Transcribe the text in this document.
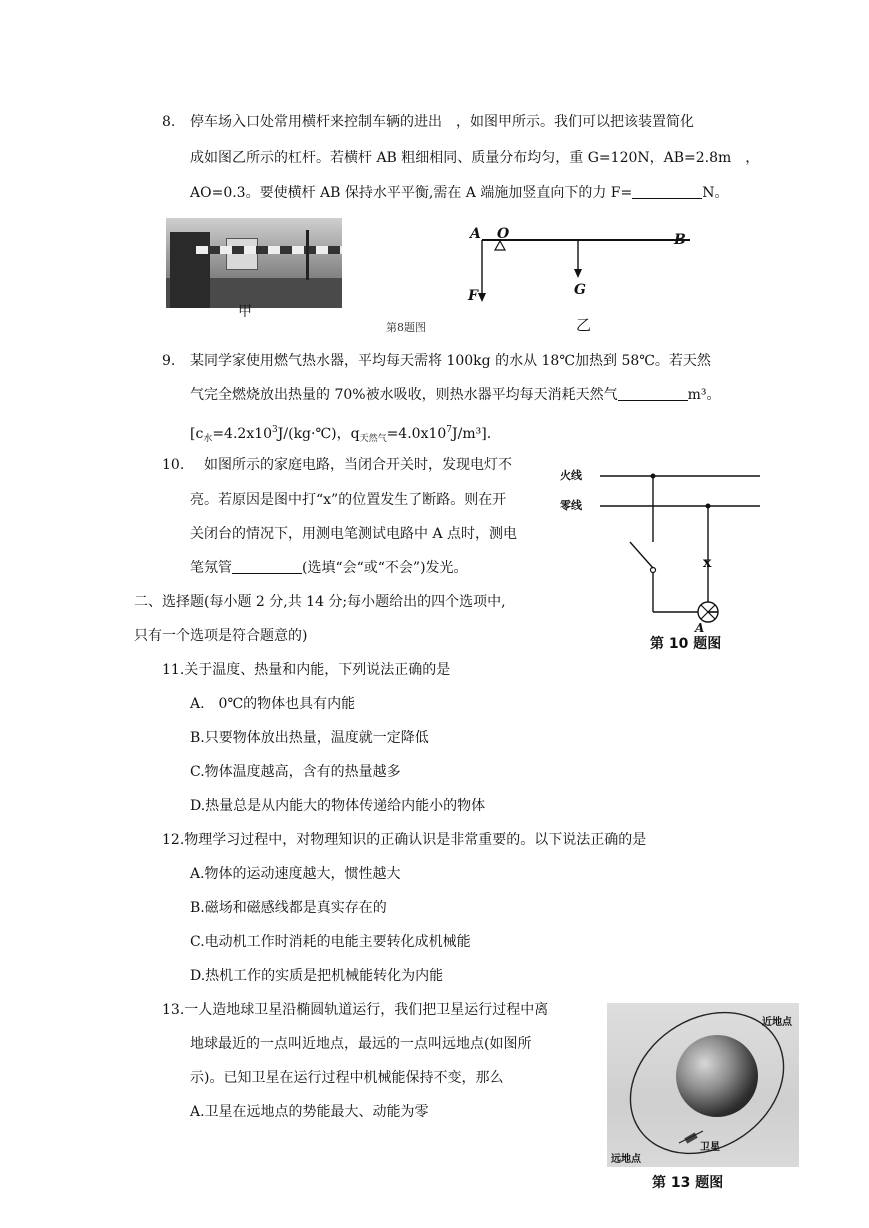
8. 停车场入口处常用横杆来控制车辆的进出　，如图甲所示。我们可以把该装置简化
成如图乙所示的杠杆。若横杆 AB 粗细相同、质量分布均匀，重 G=120N，AB=2.8m　，
AO=0.3。要使横杆 AB 保持水平平衡,需在 A 端施加竖直向下的力 F=	N。
甲
第8题图
A O	B
F	G
乙
9. 某同学家使用燃气热水器，平均每天需将 100kg 的水从 18℃加热到 58℃。若天然
气完全燃烧放出热量的 70%被水吸收，则热水器平均每天消耗天然气	m³。
[$c_水=4.2x10^3J/(kg\cdot℃)$，$q_{天然气}=4.0x10^7J/m^3$].
10. 如图所示的家庭电路，当闭合开关时，发现电灯不
亮。若原因是图中打“x”的位置发生了断路。则在开
关闭台的情况下，用测电笔测试电路中 A 点时，测电
笔氖管	(选填“会“或“不会”)发光。
火线
零线
x
A
第 10 题图
二、选择题(每小题 2 分,共 14 分;每小题给出的四个选项中,
只有一个选项是符合题意的)
11.关于温度、热量和内能，下列说法正确的是
A.　0℃的物体也具有内能
B.只要物体放出热量，温度就一定降低
C.物体温度越高，含有的热量越多
D.热量总是从内能大的物体传递给内能小的物体
12.物理学习过程中，对物理知识的正确认识是非常重要的。以下说法正确的是
A.物体的运动速度越大，惯性越大
B.磁场和磁感线都是真实存在的
C.电动机工作时消耗的电能主要转化成机械能
D.热机工作的实质是把机械能转化为内能
13.一人造地球卫星沿椭圆轨道运行，我们把卫星运行过程中离
地球最近的一点叫近地点，最远的一点叫远地点(如图所
示)。已知卫星在运行过程中机械能保持不变，那么
A.卫星在远地点的势能最大、动能为零
近地点
远地点
卫星
第 13 题图
